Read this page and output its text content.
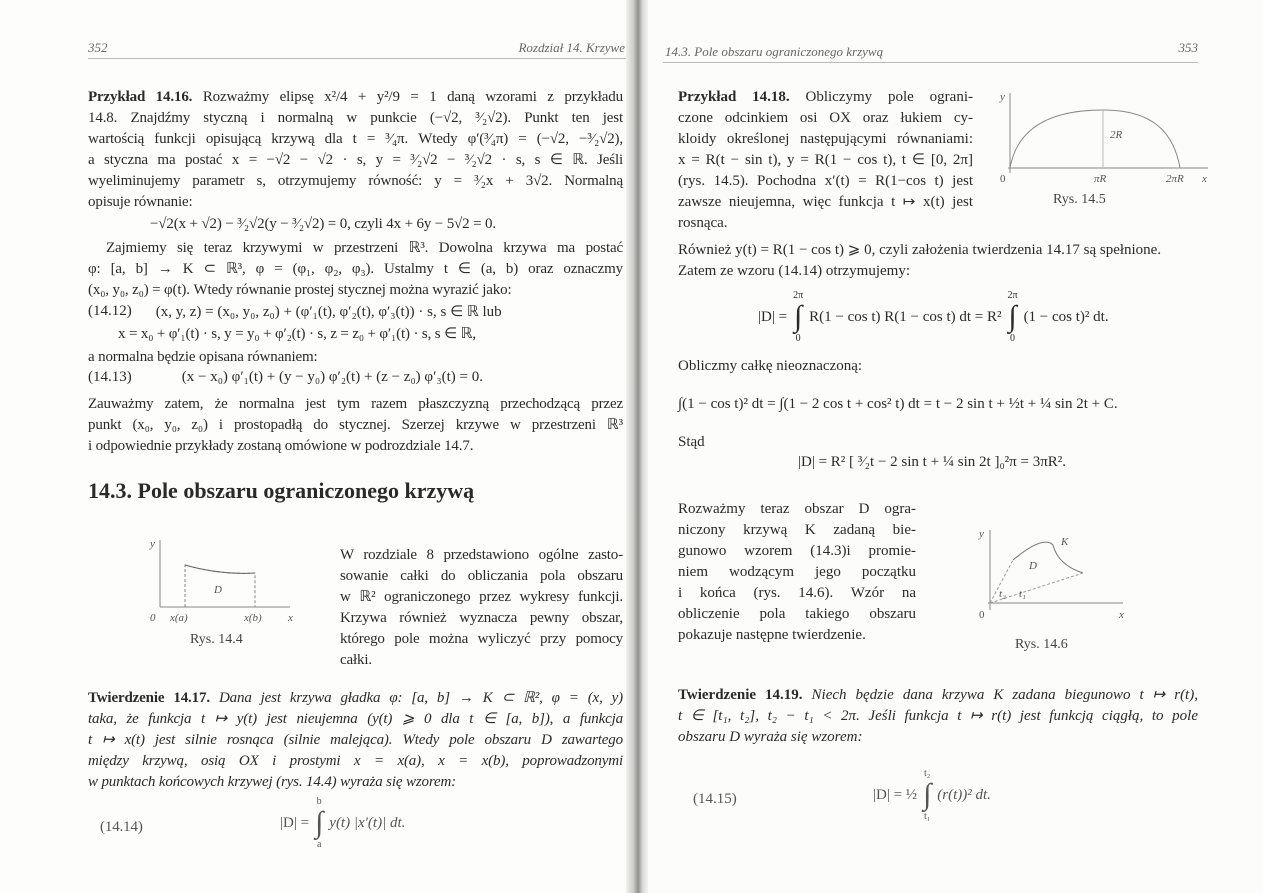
352	Rozdział 14. Krzywe
Przykład 14.16. Rozważmy elipsę x²/4 + y²/9 = 1 daną wzorami z przykładu
14.8. Znajdźmy styczną i normalną w punkcie (−√2, ³⁄₂√2). Punkt ten jest
wartością funkcji opisującą krzywą dla t = ³⁄₄π. Wtedy φ′(³⁄₄π) = (−√2, −³⁄₂√2),
a styczna ma postać x = −√2 − √2 · s, y = ³⁄₂√2 − ³⁄₂√2 · s, s ∈ ℝ. Jeśli
wyeliminujemy parametr s, otrzymujemy równość: y = ³⁄₂x + 3√2. Normalną
opisuje równanie:
−√2(x + √2) − ³⁄₂√2(y − ³⁄₂√2) = 0, czyli 4x + 6y − 5√2 = 0.
Zajmiemy się teraz krzywymi w przestrzeni ℝ³. Dowolna krzywa ma postać
φ: [a, b] → K ⊂ ℝ³, φ = (φ₁, φ₂, φ₃). Ustalmy t ∈ (a, b) oraz oznaczmy
(x₀, y₀, z₀) = φ(t). Wtedy równanie prostej stycznej można wyrazić jako:
(14.12) (x, y, z) = (x₀, y₀, z₀) + (φ′₁(t), φ′₂(t), φ′₃(t)) · s, s ∈ ℝ lub
x = x₀ + φ′₁(t) · s, y = y₀ + φ′₂(t) · s, z = z₀ + φ′₁(t) · s, s ∈ ℝ,
a normalna będzie opisana równaniem:
(14.13)	(x − x₀) φ′₁(t) + (y − y₀) φ′₂(t) + (z − z₀) φ′₃(t) = 0.
Zauważmy zatem, że normalna jest tym razem płaszczyzną przechodzącą przez
punkt (x₀, y₀, z₀) i prostopadłą do stycznej. Szerzej krzywe w przestrzeni ℝ³
i odpowiednie przykłady zostaną omówione w podrozdziale 14.7.
14.3. Pole obszaru ograniczonego krzywą
y
D
0 x(a)	x(b) x
Rys. 14.4
W rozdziale 8 przedstawiono ogólne zasto-
sowanie całki do obliczania pola obszaru
w ℝ² ograniczonego przez wykresy funkcji.
Krzywa również wyznacza pewny obszar,
którego pole można wyliczyć przy pomocy
całki.
Twierdzenie 14.17. Dana jest krzywa gładka φ: [a, b] → K ⊂ ℝ², φ = (x, y)
taka, że funkcja t ↦ y(t) jest nieujemna (y(t) ⩾ 0 dla t ∈ [a, b]), a funkcja
t ↦ x(t) jest silnie rosnąca (silnie malejąca). Wtedy pole obszaru D zawartego
między krzywą, osią OX i prostymi x = x(a), x = x(b), poprowadzonymi
w punktach końcowych krzywej (rys. 14.4) wyraża się wzorem:
(14.14)	|D| =
b
∫
a
y(t) |x′(t)| dt.
14.3. Pole obszaru ograniczonego krzywą	353
Przykład 14.18. Obliczymy pole ograni-
czone odcinkiem osi OX oraz łukiem cy-
kloidy określonej następującymi równaniami:
x = R(t − sin t), y = R(1 − cos t), t ∈ [0, 2π]
(rys. 14.5). Pochodna x′(t) = R(1−cos t) jest
zawsze nieujemna, więc funkcja t ↦ x(t) jest
rosnąca.
y
2R
0	πR	2πR x
Rys. 14.5
Również y(t) = R(1 − cos t) ⩾ 0, czyli założenia twierdzenia 14.17 są spełnione.
Zatem ze wzoru (14.14) otrzymujemy:
|D| =
2π
∫
0
R(1 − cos t) R(1 − cos t) dt = R²
2π
∫
0
(1 − cos t)² dt.
Obliczmy całkę nieoznaczoną:
∫(1 − cos t)² dt = ∫(1 − 2 cos t + cos² t) dt = t − 2 sin t + ½t + ¼ sin 2t + C.
Stąd
|D| = R² [ ³⁄₂t − 2 sin t + ¼ sin 2t ]₀²π = 3πR².
Rozważmy teraz obszar D ogra-
niczony krzywą K zadaną bie-
gunowo wzorem (14.3)i promie-
niem wodzącym jego początku
i końca (rys. 14.6). Wzór na
obliczenie pola takiego obszaru
pokazuje następne twierdzenie.
y
K
D
0
t₂ t₁
x
Rys. 14.6
Twierdzenie 14.19. Niech będzie dana krzywa K zadana biegunowo t ↦ r(t),
t ∈ [t₁, t₂], t₂ − t₁ < 2π. Jeśli funkcja t ↦ r(t) jest funkcją ciągłą, to pole
obszaru D wyraża się wzorem:
(14.15)	|D| = ½
t₂
∫
t₁
(r(t))² dt.
